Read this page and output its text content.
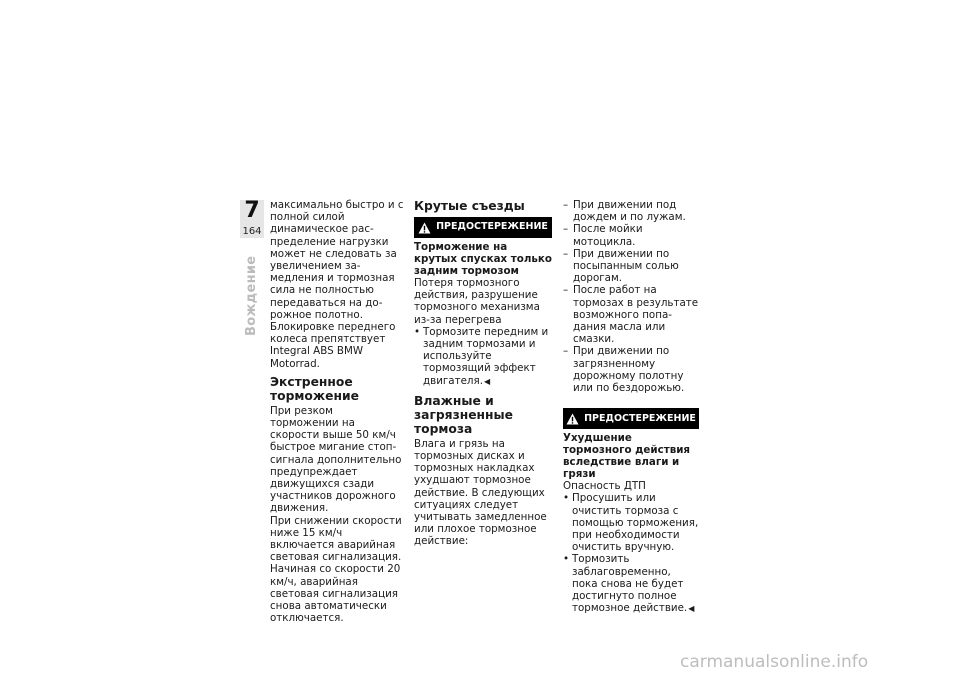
7
164
Вождение

максимально быстро и с полной силой динамическое распределение нагрузки может не следовать за увеличением замедления и тормозная сила не полностью передаваться на дорожное полотно.

Блокировке переднего колеса препятствует Integral ABS BMW Motorrad.

Экстренное торможение

При резком торможении на скорости выше 50 км/ч быстрое мигание стоп-сигнала дополнительно предупреждает движущихся сзади участников дорожного движения.

При снижении скорости ниже 15 км/ч включается аварийная световая сигнализация. Начиная со скорости 20 км/ч, аварийная световая сигнализация снова автоматически отключается.

Крутые съезды
ПРЕДОСТЕРЕЖЕНИЕ
Торможение на крутых спусках только задним тормозом

Потеря тормозного действия, разрушение тормозного механизма из-за перегрева

• Тормозите передним и задним тормозами и используйте тормозящий эффект двигателя.◀
Влажные и загрязненные тормоза

Влага и грязь на тормозных дисках и тормозных накладках ухудшают тормозное действие. В следующих ситуациях следует учитывать замедленное или плохое тормозное действие:

– При движении под дождем и по лужам.
– После мойки мотоцикла.
– При движении по посыпанным солью дорогам.
– После работ на тормозах в результате возможного попадания масла или смазки.
– При движении по загрязненному дорожному полотну или по бездорожью.
ПРЕДОСТЕРЕЖЕНИЕ
Ухудшение тормозного действия вследствие влаги и грязи

Опасность ДТП

• Просушить или очистить тормоза с помощью торможения, при необходимости очистить вручную.
• Тормозить заблаговременно, пока снова не будет достигнуто полное тормозное действие.◀
carmanualsonline.info
